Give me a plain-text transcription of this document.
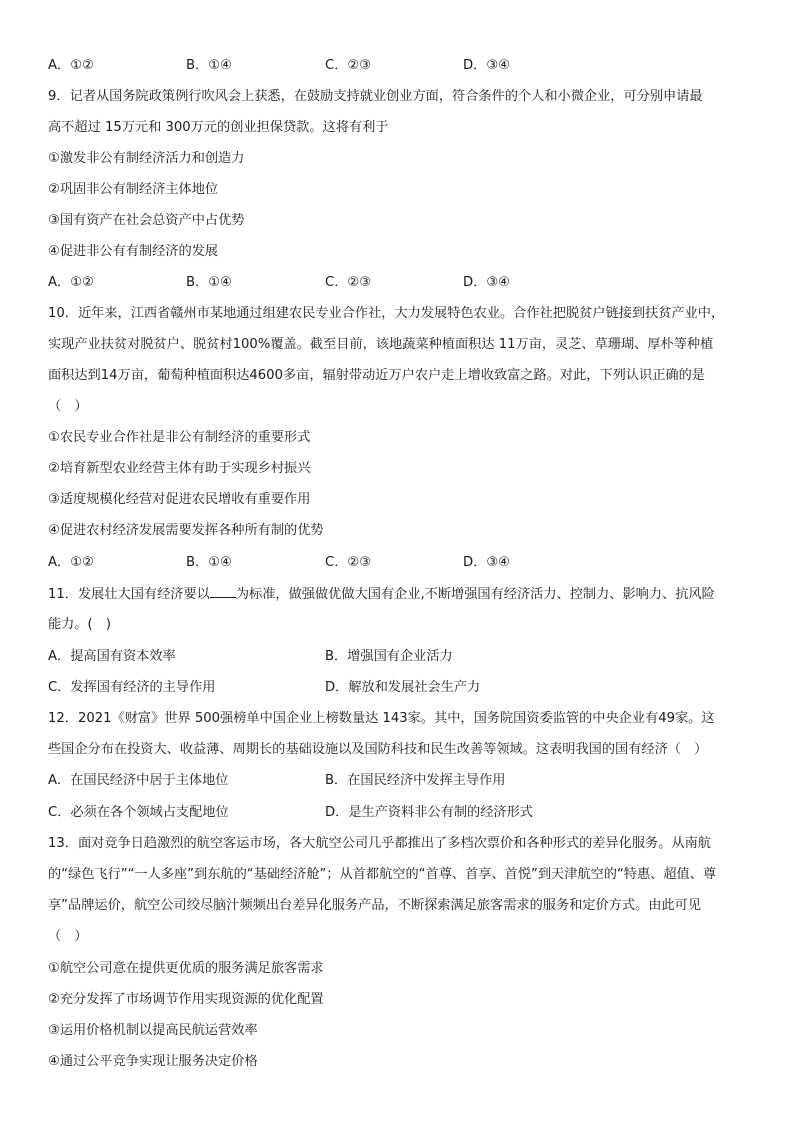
A．①②	B．①④	C．②③	D．③④
9．记者从国务院政策例行吹风会上获悉，在鼓励支持就业创业方面，符合条件的个人和小微企业，可分别申请最
高不超过 15万元和 300万元的创业担保贷款。这将有利于
①激发非公有制经济活力和创造力
②巩固非公有制经济主体地位
③国有资产在社会总资产中占优势
④促进非公有有制经济的发展
A．①②	B．①④	C．②③	D．③④
10．近年来，江西省赣州市某地通过组建农民专业合作社，大力发展特色农业。合作社把脱贫户链接到扶贫产业中，
实现产业扶贫对脱贫户、脱贫村100%覆盖。截至目前，该地蔬菜种植面积达 11万亩，灵芝、草珊瑚、厚朴等种植
面积达到14万亩，葡萄种植面积达4600多亩，辐射带动近万户农户走上增收致富之路。对此，下列认识正确的是
（　）
①农民专业合作社是非公有制经济的重要形式
②培育新型农业经营主体有助于实现乡村振兴
③适度规模化经营对促进农民增收有重要作用
④促进农村经济发展需要发挥各种所有制的优势
A．①②	B．①④	C．②③	D．③④
11．发展壮大国有经济要以 为标准，做强做优做大国有企业,不断增强国有经济活力、控制力、影响力、抗风险
能力。(　)
A．提高国有资本效率	B．增强国有企业活力
C．发挥国有经济的主导作用	D．解放和发展社会生产力
12．2021《财富》世界 500强榜单中国企业上榜数量达 143家。其中，国务院国资委监管的中央企业有49家。这
些国企分布在投资大、收益薄、周期长的基础设施以及国防科技和民生改善等领域。这表明我国的国有经济（　）
A．在国民经济中居于主体地位	B．在国民经济中发挥主导作用
C．必须在各个领域占支配地位	D．是生产资料非公有制的经济形式
13．面对竞争日趋激烈的航空客运市场，各大航空公司几乎都推出了多档次票价和各种形式的差异化服务。从南航
的“绿色飞行”“一人多座”到东航的“基础经济舱”；从首都航空的“首尊、首享、首悦”到天津航空的“特惠、超值、尊
享”品牌运价，航空公司绞尽脑汁频频出台差异化服务产品，不断探索满足旅客需求的服务和定价方式。由此可见
（　）
①航空公司意在提供更优质的服务满足旅客需求
②充分发挥了市场调节作用实现资源的优化配置
③运用价格机制以提高民航运营效率
④通过公平竞争实现让服务决定价格
